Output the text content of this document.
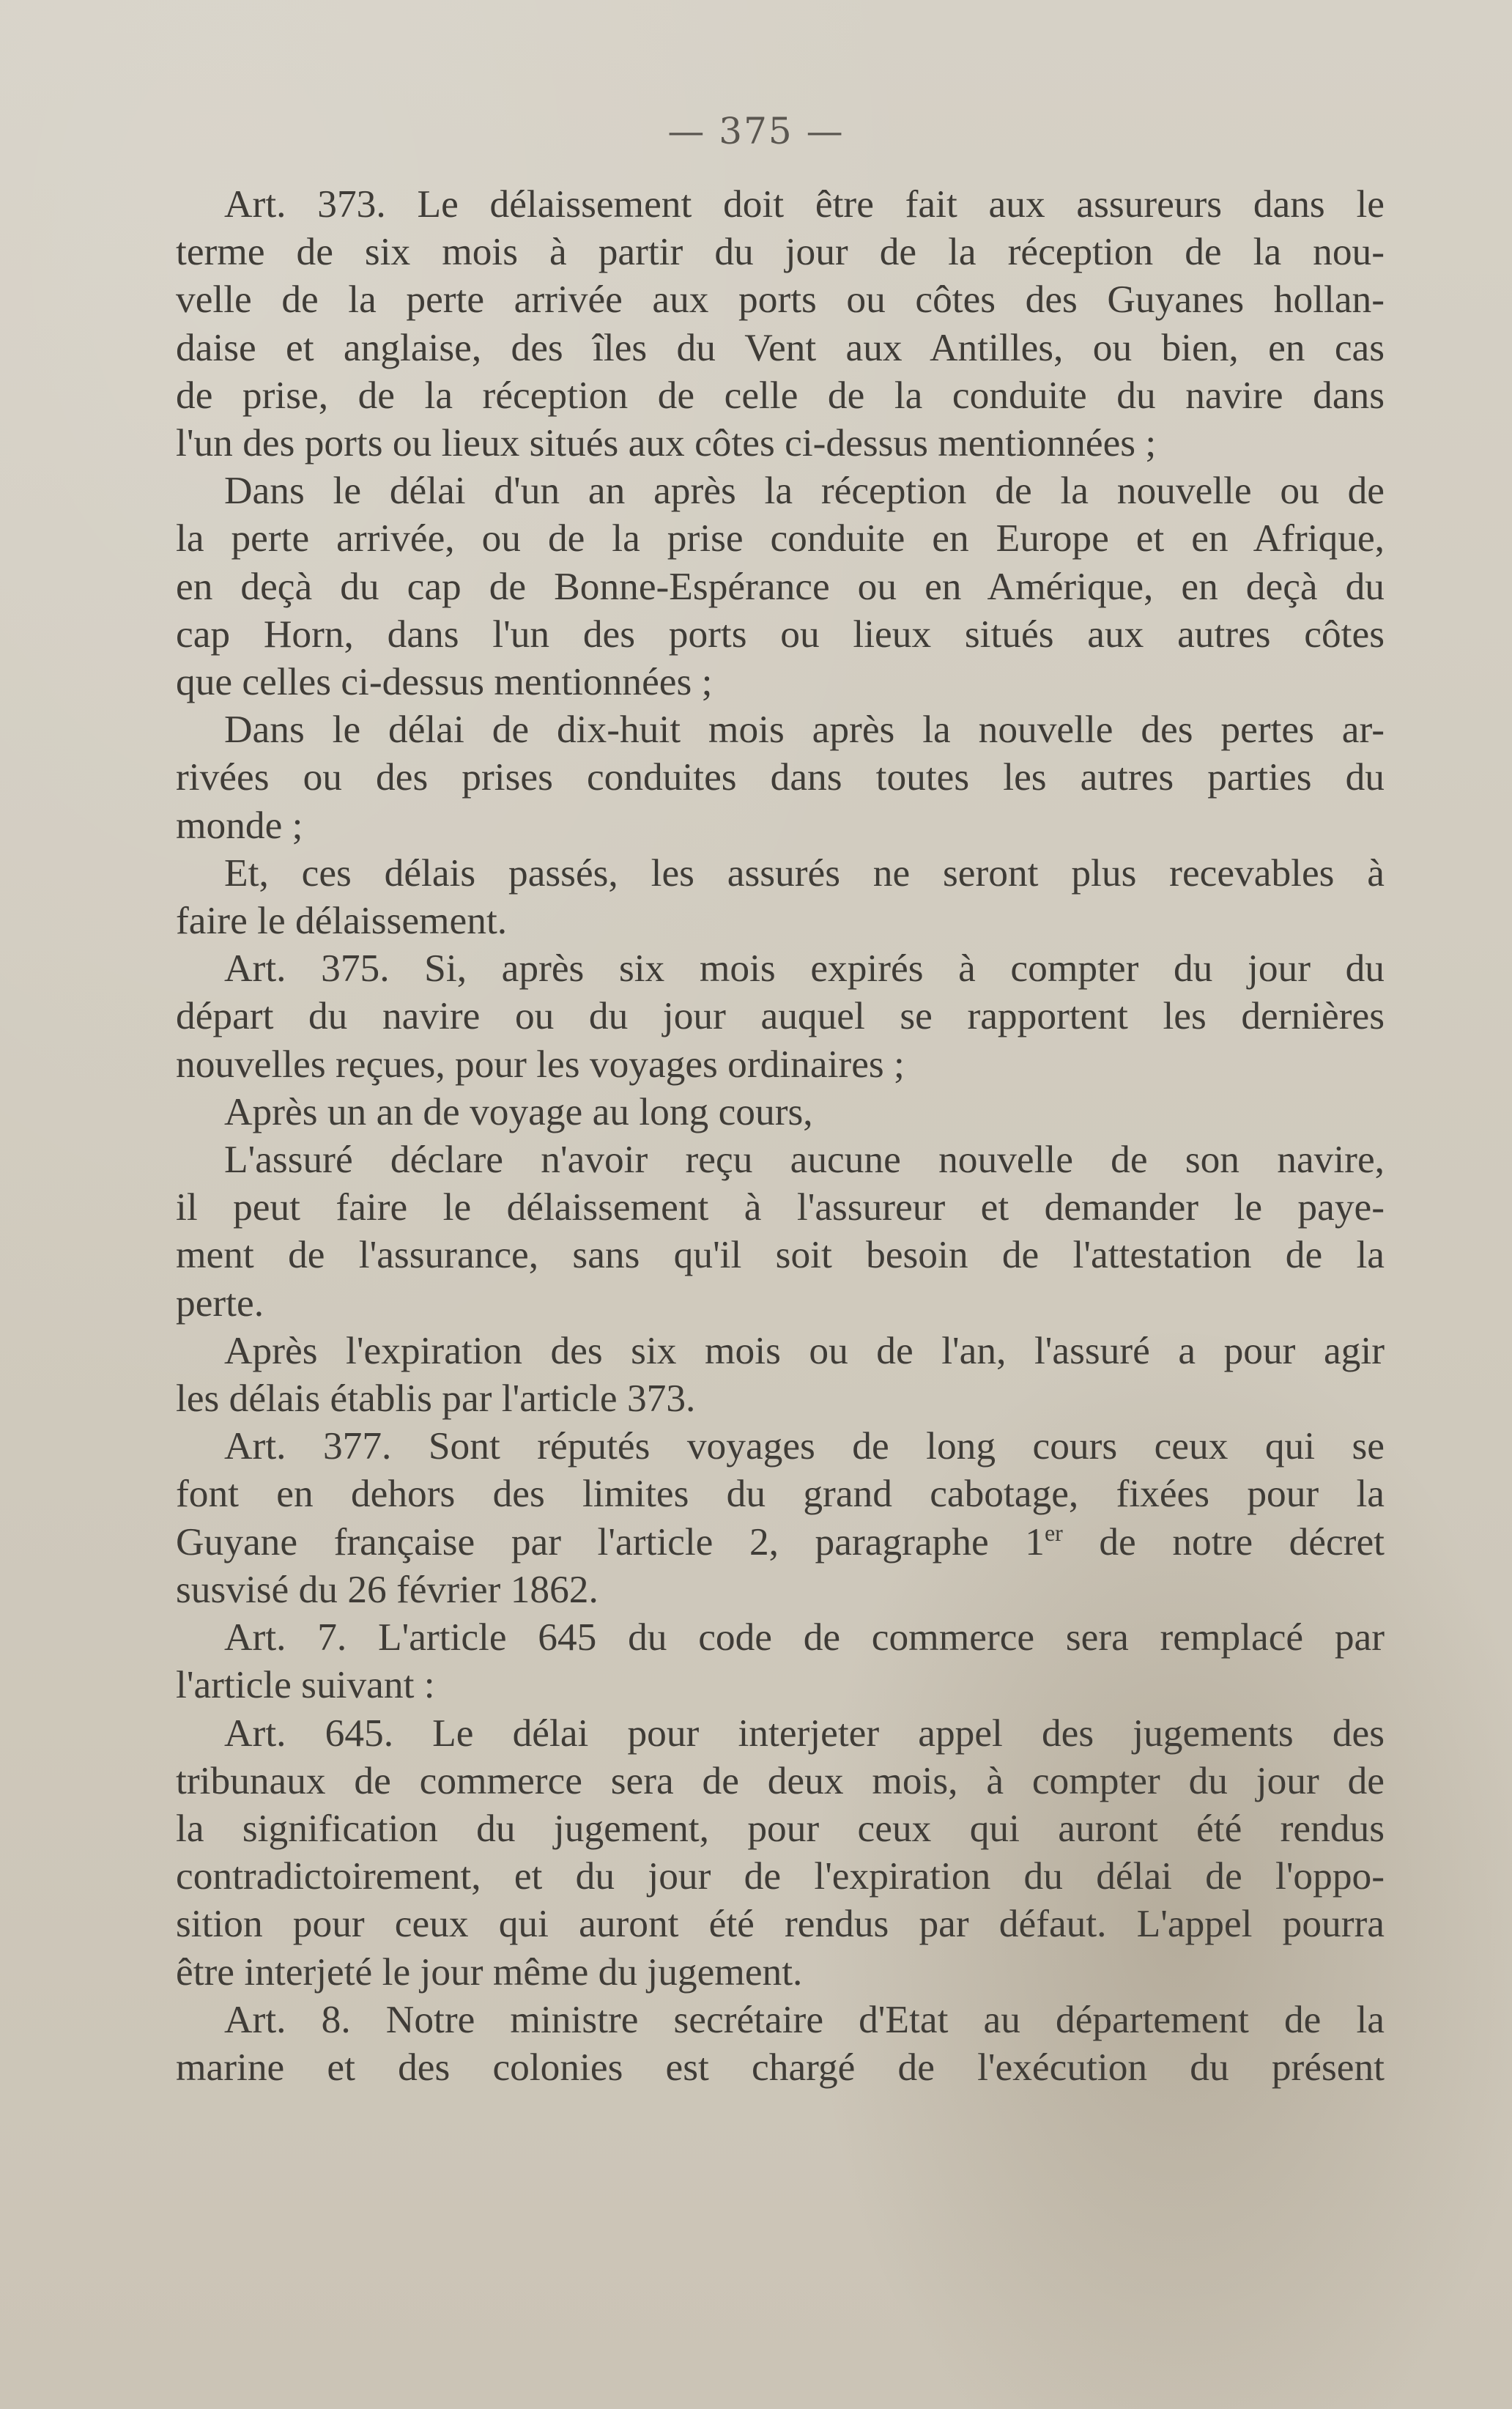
— 375 —
Art. 373. Le délaissement doit être fait aux assureurs dans le
terme de six mois à partir du jour de la réception de la nou-
velle de la perte arrivée aux ports ou côtes des Guyanes hollan-
daise et anglaise, des îles du Vent aux Antilles, ou bien, en cas
de prise, de la réception de celle de la conduite du navire dans
l'un des ports ou lieux situés aux côtes ci-dessus mentionnées ;
Dans le délai d'un an après la réception de la nouvelle ou de
la perte arrivée, ou de la prise conduite en Europe et en Afrique,
en deçà du cap de Bonne-Espérance ou en Amérique, en deçà du
cap Horn, dans l'un des ports ou lieux situés aux autres côtes
que celles ci-dessus mentionnées ;
Dans le délai de dix-huit mois après la nouvelle des pertes ar-
rivées ou des prises conduites dans toutes les autres parties du
monde ;
Et, ces délais passés, les assurés ne seront plus recevables à
faire le délaissement.
Art. 375. Si, après six mois expirés à compter du jour du
départ du navire ou du jour auquel se rapportent les dernières
nouvelles reçues, pour les voyages ordinaires ;
Après un an de voyage au long cours,
L'assuré déclare n'avoir reçu aucune nouvelle de son navire,
il peut faire le délaissement à l'assureur et demander le paye-
ment de l'assurance, sans qu'il soit besoin de l'attestation de la
perte.
Après l'expiration des six mois ou de l'an, l'assuré a pour agir
les délais établis par l'article 373.
Art. 377. Sont réputés voyages de long cours ceux qui se
font en dehors des limites du grand cabotage, fixées pour la
Guyane française par l'article 2, paragraphe 1er de notre décret
susvisé du 26 février 1862.
Art. 7. L'article 645 du code de commerce sera remplacé par
l'article suivant :
Art. 645. Le délai pour interjeter appel des jugements des
tribunaux de commerce sera de deux mois, à compter du jour de
la signification du jugement, pour ceux qui auront été rendus
contradictoirement, et du jour de l'expiration du délai de l'oppo-
sition pour ceux qui auront été rendus par défaut. L'appel pourra
être interjeté le jour même du jugement.
Art. 8. Notre ministre secrétaire d'Etat au département de la
marine et des colonies est chargé de l'exécution du présent
